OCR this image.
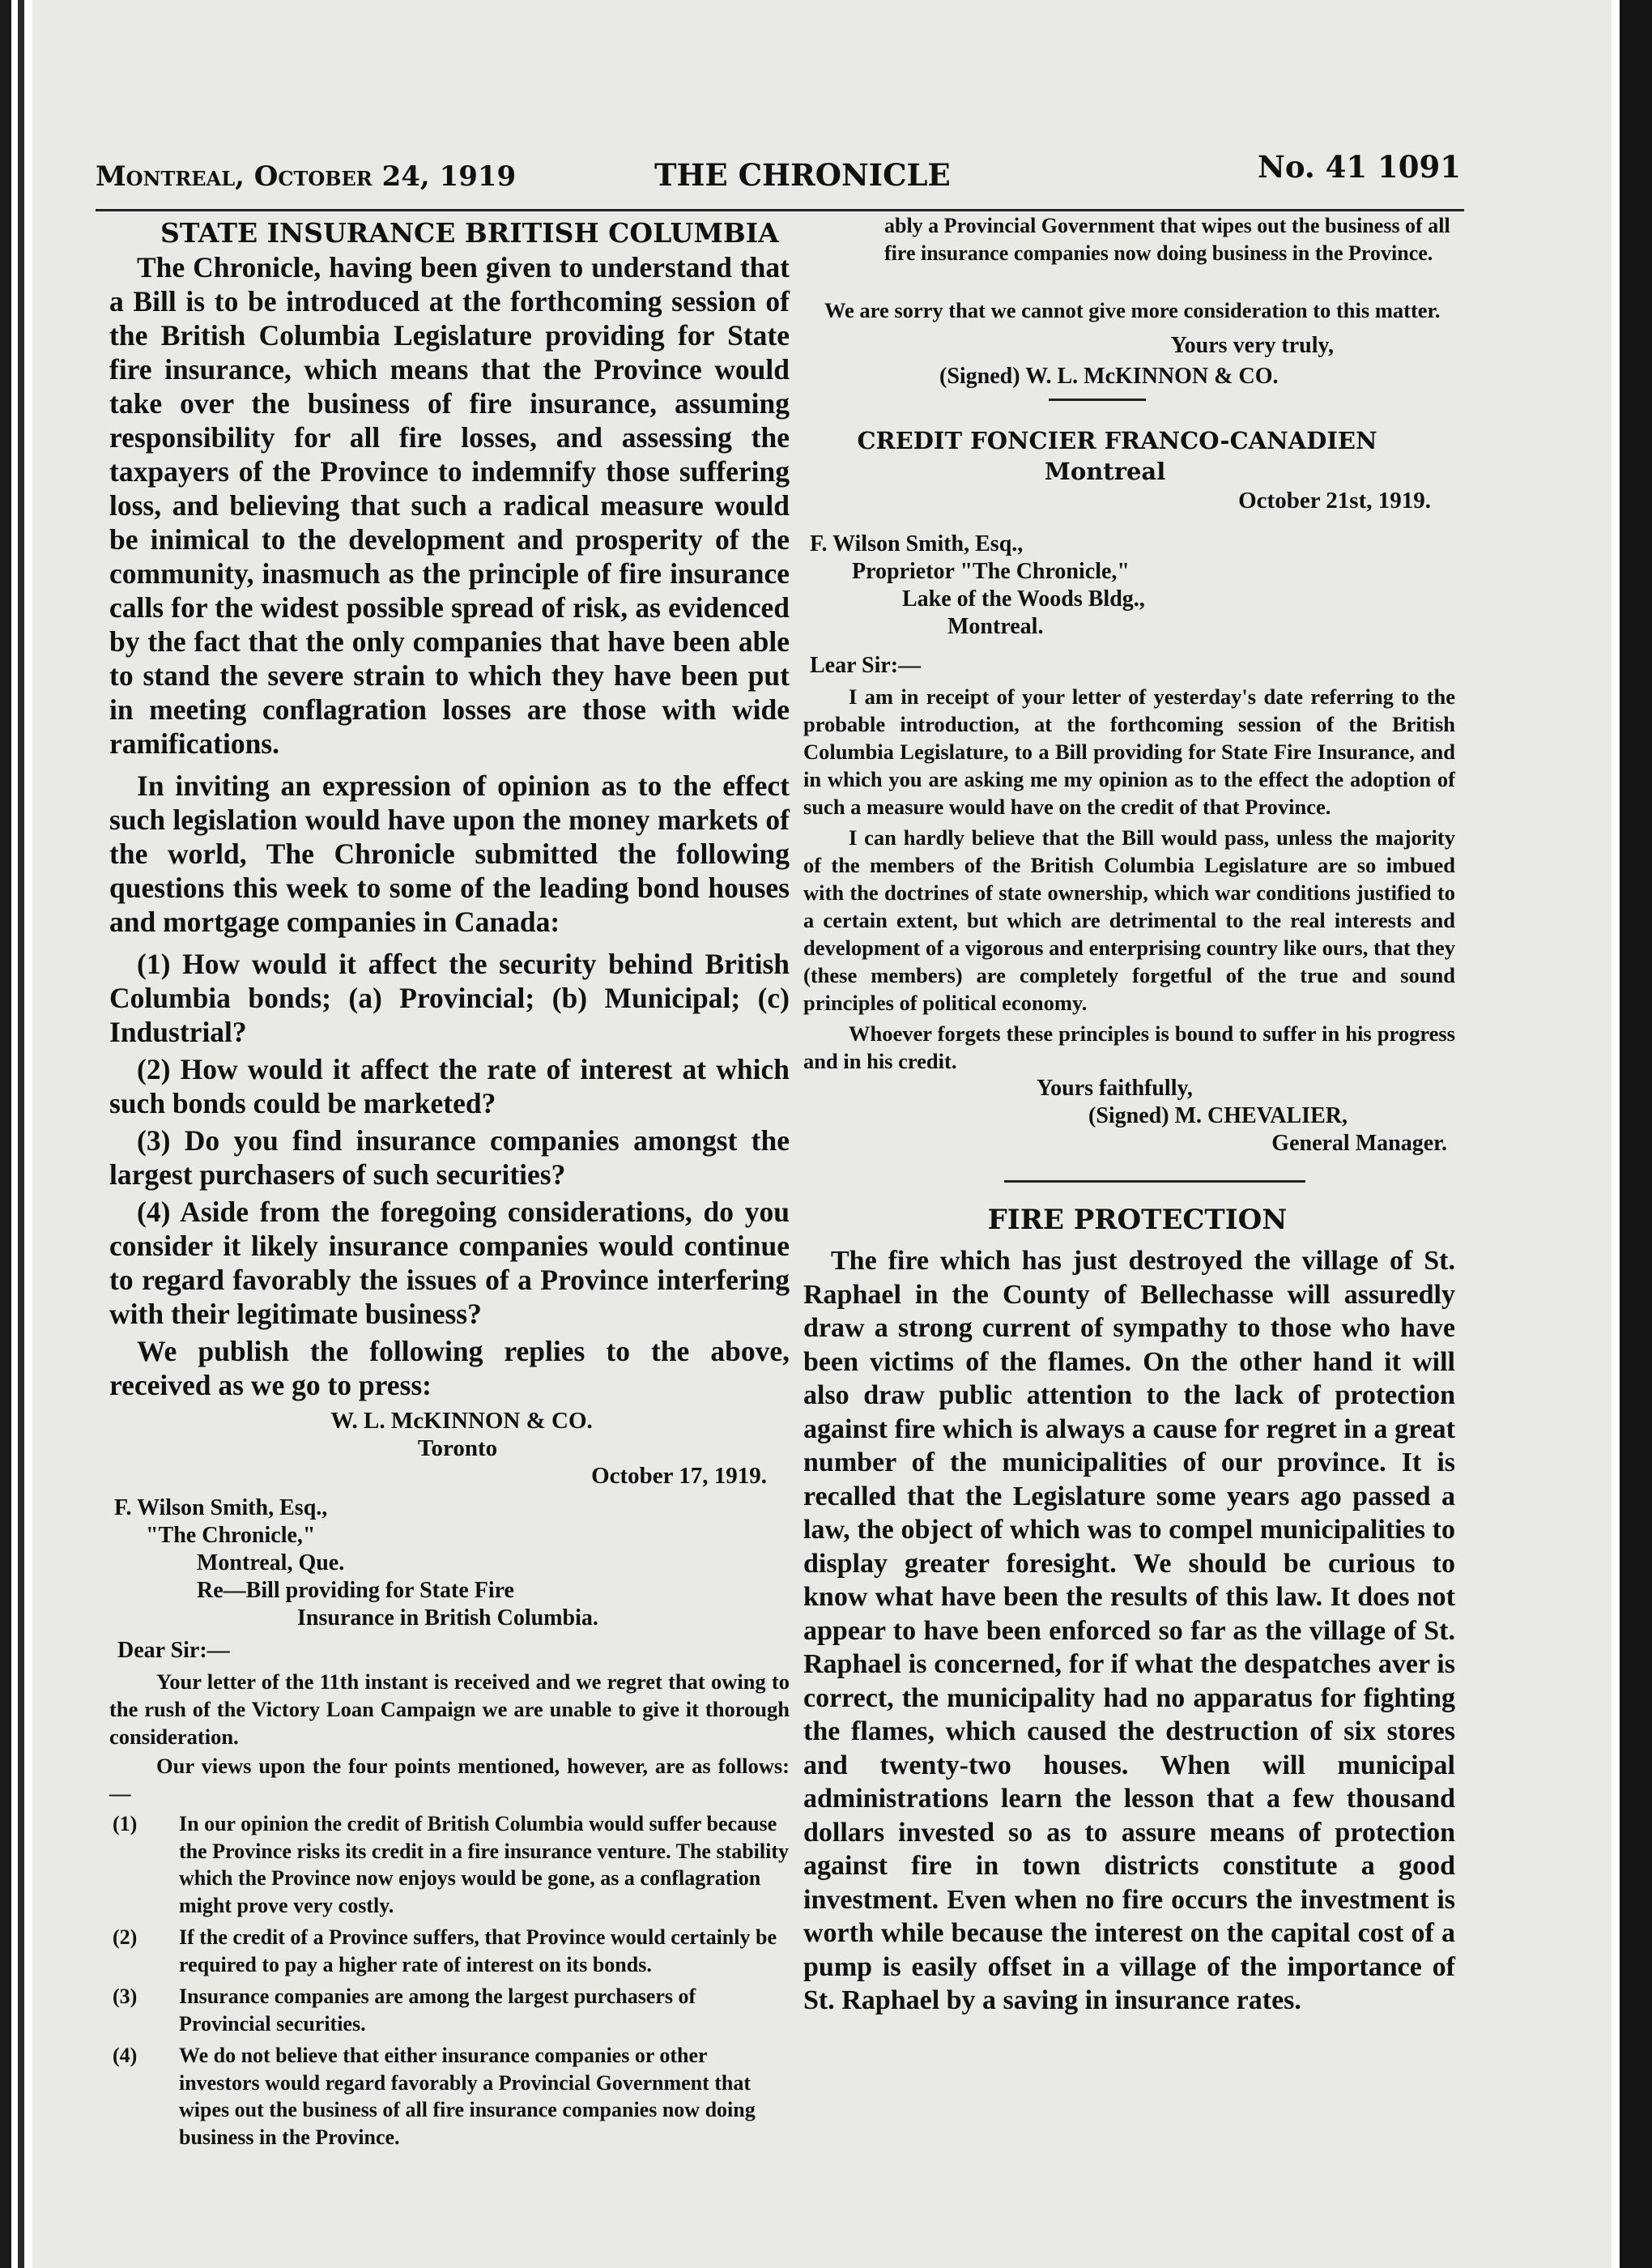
Montreal, October 24, 1919	THE CHRONICLE	No. 41 1091
STATE INSURANCE BRITISH COLUMBIA

The Chronicle, having been given to understand that a Bill is to be introduced at the forthcoming session of the British Columbia Legislature providing for State fire insurance, which means that the Province would take over the business of fire insurance, assuming responsibility for all fire losses, and assessing the taxpayers of the Province to indemnify those suffering loss, and believing that such a radical measure would be inimical to the development and prosperity of the community, inasmuch as the principle of fire insurance calls for the widest possible spread of risk, as evidenced by the fact that the only companies that have been able to stand the severe strain to which they have been put in meeting conflagration losses are those with wide ramifications.

In inviting an expression of opinion as to the effect such legislation would have upon the money markets of the world, The Chronicle submitted the following questions this week to some of the leading bond houses and mortgage companies in Canada:

(1) How would it affect the security behind British Columbia bonds; (a) Provincial; (b) Municipal; (c) Industrial?

(2) How would it affect the rate of interest at which such bonds could be marketed?

(3) Do you find insurance companies amongst the largest purchasers of such securities?

(4) Aside from the foregoing considerations, do you consider it likely insurance companies would continue to regard favorably the issues of a Province interfering with their legitimate business?

We publish the following replies to the above, received as we go to press:

W. L. McKINNON & CO.
Toronto
October 17, 1919.
F. Wilson Smith, Esq.,
"The Chronicle,"
Montreal, Que.
Re—Bill providing for State Fire
Insurance in British Columbia.
Dear Sir:—
Your letter of the 11th instant is received and we regret that owing to the rush of the Victory Loan Campaign we are unable to give it thorough consideration.
Our views upon the four points mentioned, however, are as follows:—
(1)	In our opinion the credit of British Columbia would suffer because the Province risks its credit in a fire insurance venture. The stability which the Province now enjoys would be gone, as a conflagration might prove very costly.
(2)	If the credit of a Province suffers, that Province would certainly be required to pay a higher rate of interest on its bonds.
(3)	Insurance companies are among the largest purchasers of Provincial securities.
(4)	We do not believe that either insurance companies or other investors would regard favorably a Provincial Government that wipes out the business of all fire insurance companies now doing business in the Province.
ably a Provincial Government that wipes out the business of all fire insurance companies now doing business in the Province.
We are sorry that we cannot give more consideration to this matter.
Yours very truly,
(Signed) W. L. McKINNON & CO.
CREDIT FONCIER FRANCO-CANADIEN
Montreal
October 21st, 1919.
F. Wilson Smith, Esq.,
Proprietor "The Chronicle,"
Lake of the Woods Bldg.,
Montreal.
Lear Sir:—
I am in receipt of your letter of yesterday's date referring to the probable introduction, at the forthcoming session of the British Columbia Legislature, to a Bill providing for State Fire Insurance, and in which you are asking me my opinion as to the effect the adoption of such a measure would have on the credit of that Province.
I can hardly believe that the Bill would pass, unless the majority of the members of the British Columbia Legislature are so imbued with the doctrines of state ownership, which war conditions justified to a certain extent, but which are detrimental to the real interests and development of a vigorous and enterprising country like ours, that they (these members) are completely forgetful of the true and sound principles of political economy.
Whoever forgets these principles is bound to suffer in his progress and in his credit.
Yours faithfully,
(Signed) M. CHEVALIER,
General Manager.
FIRE PROTECTION

The fire which has just destroyed the village of St. Raphael in the County of Bellechasse will assuredly draw a strong current of sympathy to those who have been victims of the flames. On the other hand it will also draw public attention to the lack of protection against fire which is always a cause for regret in a great number of the municipalities of our province. It is recalled that the Legislature some years ago passed a law, the object of which was to compel municipalities to display greater foresight. We should be curious to know what have been the results of this law. It does not appear to have been enforced so far as the village of St. Raphael is concerned, for if what the despatches aver is correct, the municipality had no apparatus for fighting the flames, which caused the destruction of six stores and twenty-two houses. When will municipal administrations learn the lesson that a few thousand dollars invested so as to assure means of protection against fire in town districts constitute a good investment. Even when no fire occurs the investment is worth while because the interest on the capital cost of a pump is easily offset in a village of the importance of St. Raphael by a saving in insurance rates.
